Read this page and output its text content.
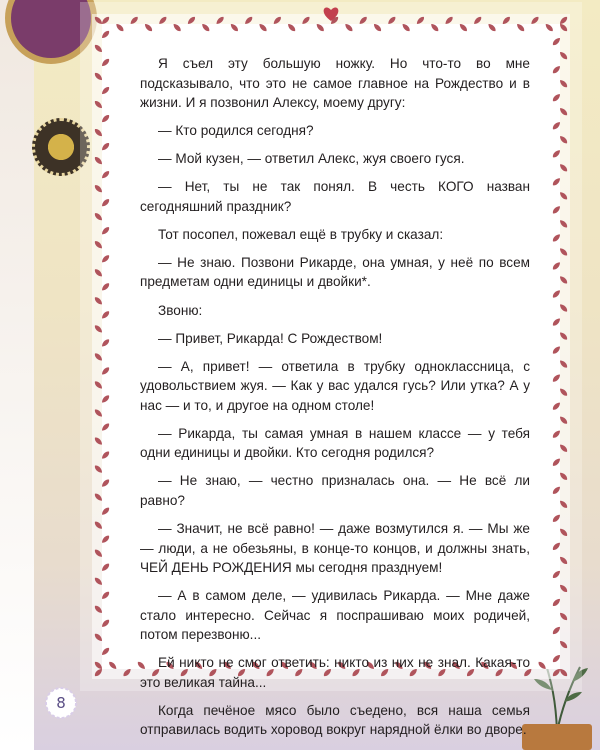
Я съел эту большую ножку. Но что-то во мне подсказывало, что это не самое главное на Рождество и в жизни. И я позвонил Алексу, моему другу:

— Кто родился сегодня?

— Мой кузен, — ответил Алекс, жуя своего гуся.

— Нет, ты не так понял. В честь КОГО назван сегодняшний праздник?

Тот посопел, пожевал ещё в трубку и сказал:

— Не знаю. Позвони Рикарде, она умная, у неё по всем предметам одни единицы и двойки*.

Звоню:

— Привет, Рикарда! С Рождеством!

— А, привет! — ответила в трубку одноклассница, с удовольствием жуя. — Как у вас удался гусь? Или утка? А у нас — и то, и другое на одном столе!

— Рикарда, ты самая умная в нашем классе — у тебя одни единицы и двойки. Кто сегодня родился?

— Не знаю, — честно призналась она. — Не всё ли равно?

— Значит, не всё равно! — даже возмутился я. — Мы же — люди, а не обезьяны, в конце-то концов, и должны знать, ЧЕЙ ДЕНЬ РОЖДЕНИЯ мы сегодня празднуем!

— А в самом деле, — удивилась Рикарда. — Мне даже стало интересно. Сейчас я поспрашиваю моих родичей, потом перезвоню...

Ей никто не смог ответить: никто из них не знал. Какая-то это великая тайна...

Когда печёное мясо было съедено, вся наша семья отправилась водить хоровод вокруг нарядной ёлки во дворе.

8
